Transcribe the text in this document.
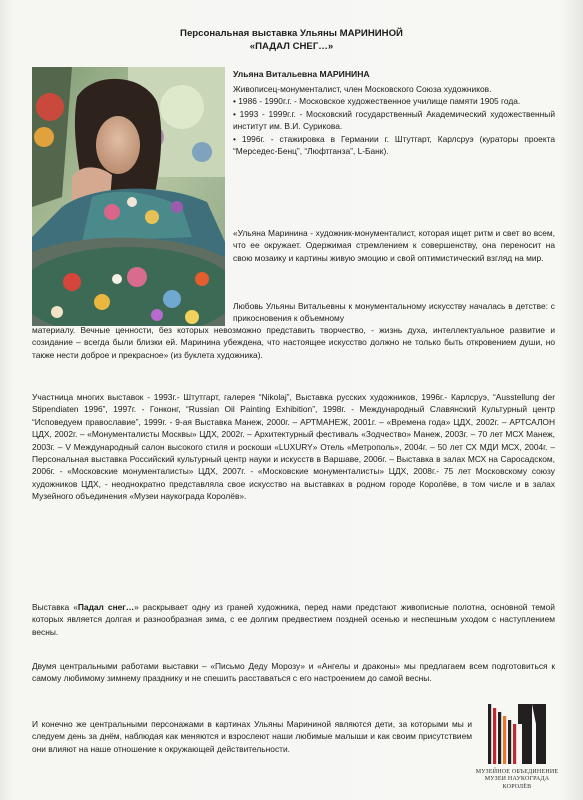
Персональная выставка Ульяны МАРИНИНОЙ
«ПАДАЛ СНЕГ…»
Ульяна Витальевна МАРИНИНА

Живописец-монументалист, член Московского Союза художников.

• 1986 - 1990г.г. - Московское художественное училище памяти 1905 года.

• 1993 - 1999г.г. - Московский государственный Академический художественный институт им. В.И. Сурикова.

• 1996г. - стажировка в Германии г. Штутгарт, Карлсруэ (кураторы проекта “Мерседес-Бенц”, “Люфтганза”, L-Банк).

«Ульяна Маринина - художник-монументалист, которая ищет ритм и свет во всем, что ее окружает. Одержимая стремлением к совершенству, она переносит на свою мозаику и картины живую эмоцию и свой оптимистический взгляд на мир.

Любовь Ульяны Витальевны к монументальному искусству началась в детстве: с прикосновения к объемному

материалу. Вечные ценности, без которых невозможно представить творчество, - жизнь духа, интеллектуальное развитие и созидание – всегда были близки ей. Маринина убеждена, что настоящее искусство должно не только быть откровением души, но также нести доброе и прекрасное» (из буклета художника).

Участница многих выставок - 1993г.- Штутгарт, галерея “Nikolaj”, Выставка русских художников, 1996г.- Карлсруэ, “Ausstellung der Stipendiaten 1996”, 1997г. - Гонконг, “Russian Oil Painting Exhibition”, 1998г. - Международный Славянский Культурный центр “Исповедуем православие”, 1999г. - 9-ая Выставка Манеж, 2000г. – АРТМАНЕЖ, 2001г. – «Времена года» ЦДХ, 2002г. – АРТСАЛОН ЦДХ, 2002г. – «Монументалисты Москвы» ЦДХ, 2002г. – Архитектурный фестиваль «Зодчество» Манеж, 2003г. – 70 лет МСХ Манеж, 2003г. – V Международный салон высокого стиля и роскоши «LUXURY» Отель «Метрополь», 2004г. – 50 лет СХ МДИ МСХ, 2004г. – Персональная выставка Российский культурный центр науки и искусств в Варшаве, 2006г. – Выставка в залах МСХ на Саросадском, 2006г. - «Московские монументалисты» ЦДХ, 2007г. - «Московские монументалисты» ЦДХ, 2008г.- 75 лет Московскому союзу художников ЦДХ, - неоднократно представляла свое искусство на выставках в родном городе Королёве, в том числе и в залах Музейного объединения «Музеи наукограда Королёв».

Выставка «Падал снег…» раскрывает одну из граней художника, перед нами предстают живописные полотна, основной темой которых является долгая и разнообразная зима, с ее долгим предвестием поздней осенью и неспешным уходом с наступлением весны.

Двумя центральными работами выставки – «Письмо Деду Морозу» и «Ангелы и драконы» мы предлагаем всем подготовиться к самому любимому зимнему празднику и не спешить расставаться с его настроением до самой весны.

И конечно же центральными персонажами в картинах Ульяны Марининой являются дети, за которыми мы и следуем день за днём, наблюдая как меняются и взрослеют наши любимые малыши и как своим присутствием они влияют на наше отношение к окружающей действительности.

МУЗЕЙНОЕ ОБЪЕДИНЕНИЕ
МУЗЕИ НАУКОГРАДА КОРОЛЁВ
